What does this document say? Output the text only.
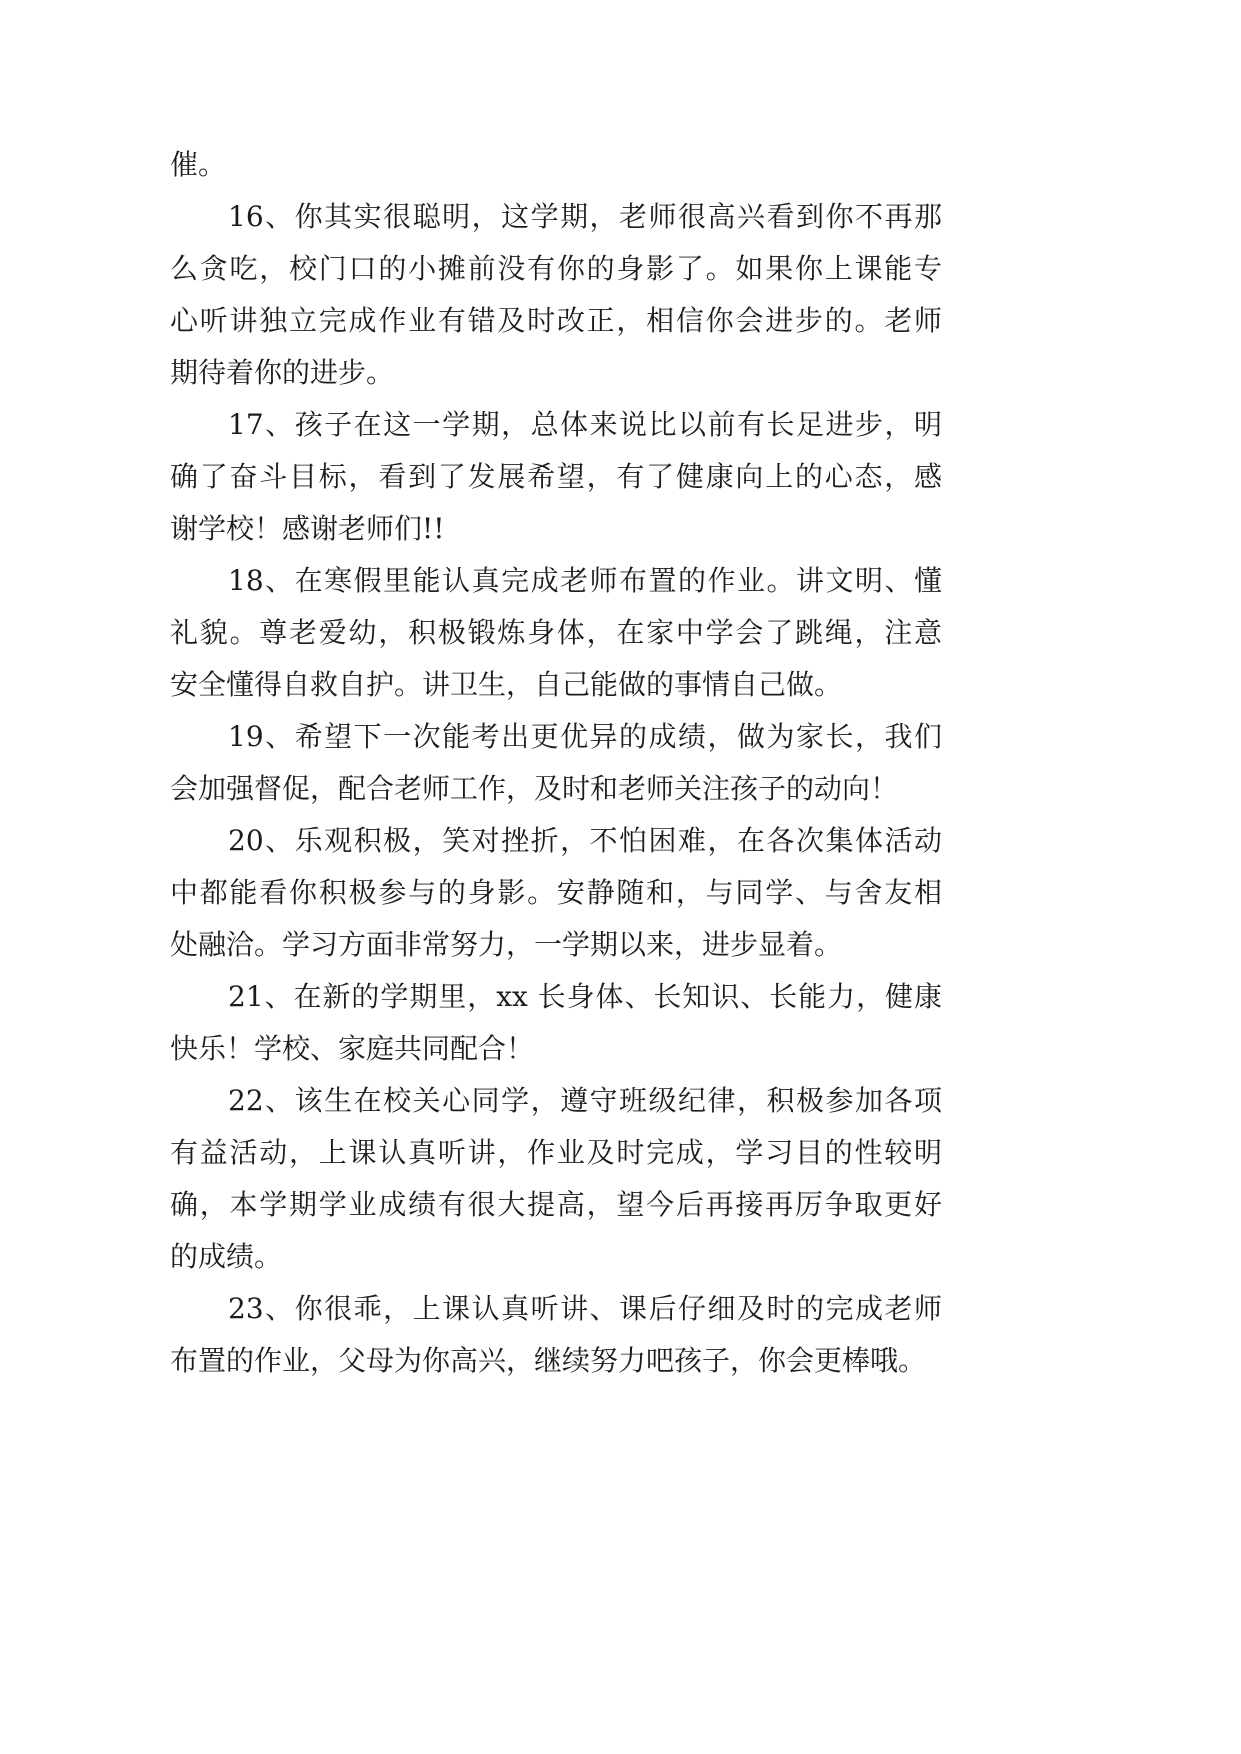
催。
16、你其实很聪明，这学期，老师很高兴看到你不再那
么贪吃，校门口的小摊前没有你的身影了。如果你上课能专
心听讲独立完成作业有错及时改正，相信你会进步的。老师
期待着你的进步。
17、孩子在这一学期，总体来说比以前有长足进步，明
确了奋斗目标，看到了发展希望，有了健康向上的心态，感
谢学校！感谢老师们!!
18、在寒假里能认真完成老师布置的作业。讲文明、懂
礼貌。尊老爱幼，积极锻炼身体，在家中学会了跳绳，注意
安全懂得自救自护。讲卫生，自己能做的事情自己做。
19、希望下一次能考出更优异的成绩，做为家长，我们
会加强督促，配合老师工作，及时和老师关注孩子的动向！
20、乐观积极，笑对挫折，不怕困难，在各次集体活动
中都能看你积极参与的身影。安静随和，与同学、与舍友相
处融洽。学习方面非常努力，一学期以来，进步显着。
21、在新的学期里，xx 长身体、长知识、长能力，健康
快乐！学校、家庭共同配合！
22、该生在校关心同学，遵守班级纪律，积极参加各项
有益活动，上课认真听讲，作业及时完成，学习目的性较明
确，本学期学业成绩有很大提高，望今后再接再厉争取更好
的成绩。
23、你很乖，上课认真听讲、课后仔细及时的完成老师
布置的作业，父母为你高兴，继续努力吧孩子，你会更棒哦。
